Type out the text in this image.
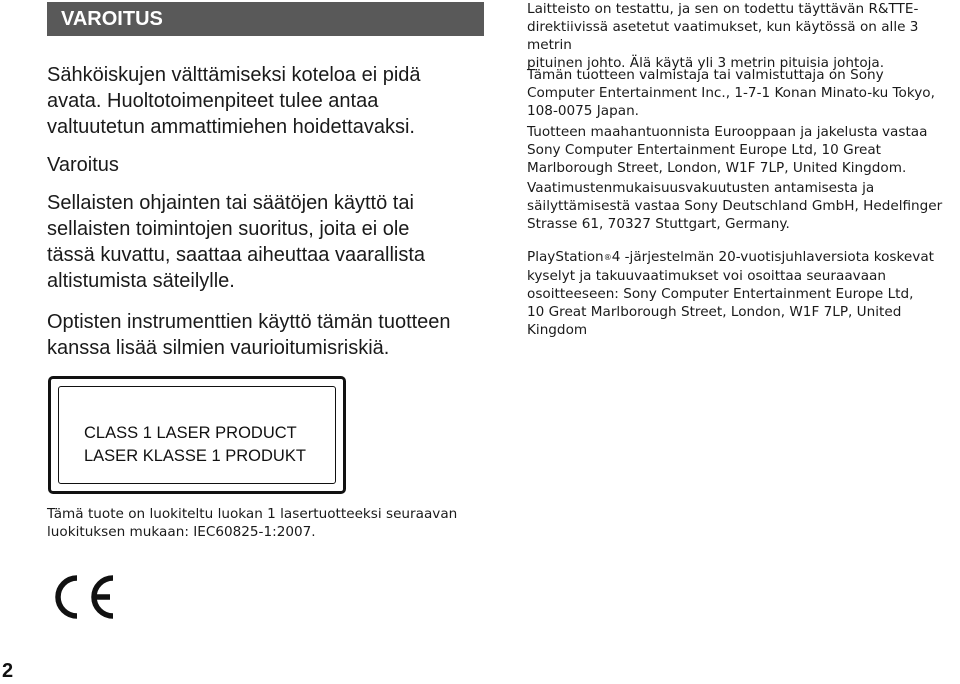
VAROITUS
Sähköiskujen välttämiseksi koteloa ei pidä
avata. Huoltotoimenpiteet tulee antaa
valtuutetun ammattimiehen hoidettavaksi.
Varoitus
Sellaisten ohjainten tai säätöjen käyttö tai
sellaisten toimintojen suoritus, joita ei ole
tässä kuvattu, saattaa aiheuttaa vaarallista
altistumista säteilylle.
Optisten instrumenttien käyttö tämän tuotteen
kanssa lisää silmien vaurioitumisriskiä.
CLASS 1 LASER PRODUCT
LASER KLASSE 1 PRODUKT
Tämä tuote on luokiteltu luokan 1 lasertuotteeksi seuraavan
luokituksen mukaan: IEC60825-1:2007.
Laitteisto on testattu, ja sen on todettu täyttävän R&TTE-
direktiivissä asetetut vaatimukset, kun käytössä on alle 3 metrin
pituinen johto. Älä käytä yli 3 metrin pituisia johtoja.
Tämän tuotteen valmistaja tai valmistuttaja on Sony
Computer Entertainment Inc., 1-7-1 Konan Minato-ku Tokyo,
108-0075 Japan.
Tuotteen maahantuonnista Eurooppaan ja jakelusta vastaa
Sony Computer Entertainment Europe Ltd, 10 Great
Marlborough Street, London, W1F 7LP, United Kingdom.
Vaatimustenmukaisuusvakuutusten antamisesta ja
säilyttämisestä vastaa Sony Deutschland GmbH, Hedelfinger
Strasse 61, 70327 Stuttgart, Germany.
PlayStation®4 -järjestelmän 20-vuotisjuhlaversiota koskevat
kyselyt ja takuuvaatimukset voi osoittaa seuraavaan
osoitteeseen: Sony Computer Entertainment Europe Ltd,
10 Great Marlborough Street, London, W1F 7LP, United Kingdom
2
